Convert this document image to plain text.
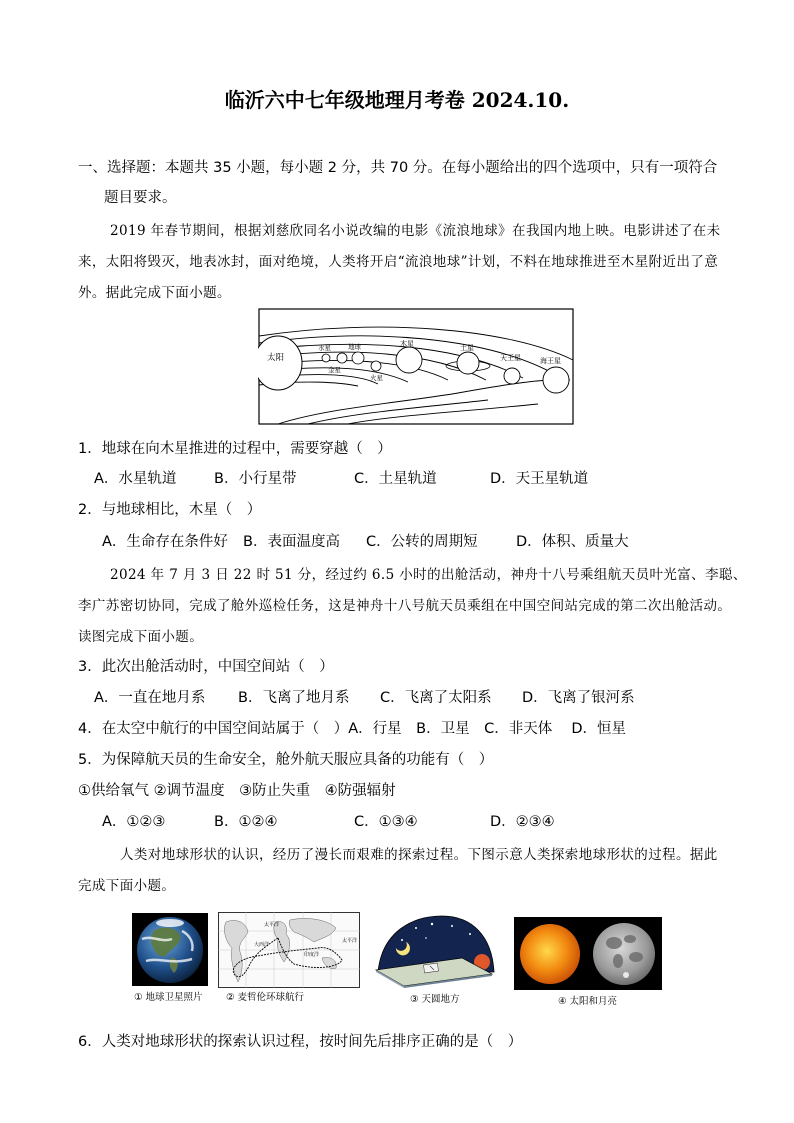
临沂六中七年级地理月考卷 2024.10.
一、选择题：本题共 35 小题，每小题 2 分，共 70 分。在每小题给出的四个选项中，只有一项符合
题目要求。
2019 年春节期间，根据刘慈欣同名小说改编的电影《流浪地球》在我国内地上映。电影讲述了在未
来，太阳将毁灭，地表冰封，面对绝境，人类将开启“流浪地球”计划，不料在地球推进至木星附近出了意
外。据此完成下面小题。
太阳
水星
金星
地球
火星
木星	土星
天王星	海王星
1．地球在向木星推进的过程中，需要穿越（　）
A．水星轨道	B．小行星带	C．土星轨道	D．天王星轨道
2．与地球相比，木星（　）
A．生命存在条件好 B．表面温度高 C．公转的周期短	D．体积、质量大
2024 年 7 月 3 日 22 时 51 分，经过约 6.5 小时的出舱活动，神舟十八号乘组航天员叶光富、李聪、
李广苏密切协同，完成了舱外巡检任务，这是神舟十八号航天员乘组在中国空间站完成的第二次出舱活动。
读图完成下面小题。
3．此次出舱活动时，中国空间站（　）
A．一直在地月系 B．飞离了地月系 C．飞离了太阳系 D．飞离了银河系
4．在太空中航行的中国空间站属于（　）A．行星　B．卫星　C．非天体　 D．恒星
5．为保障航天员的生命安全，舱外航天服应具备的功能有（　）
①供给氧气 ②调节温度　③防止失重　④防强辐射
A．①②③	B．①②④	C．①③④	D．②③④
人类对地球形状的认识，经历了漫长而艰难的探索过程。下图示意人类探索地球形状的过程。据此
完成下面小题。
① 地球卫星照片
太平洋
大西洋
印度洋
太平洋
② 麦哲伦环球航行	③ 天圆地方	④ 太阳和月亮
6．人类对地球形状的探索认识过程，按时间先后排序正确的是（　）
